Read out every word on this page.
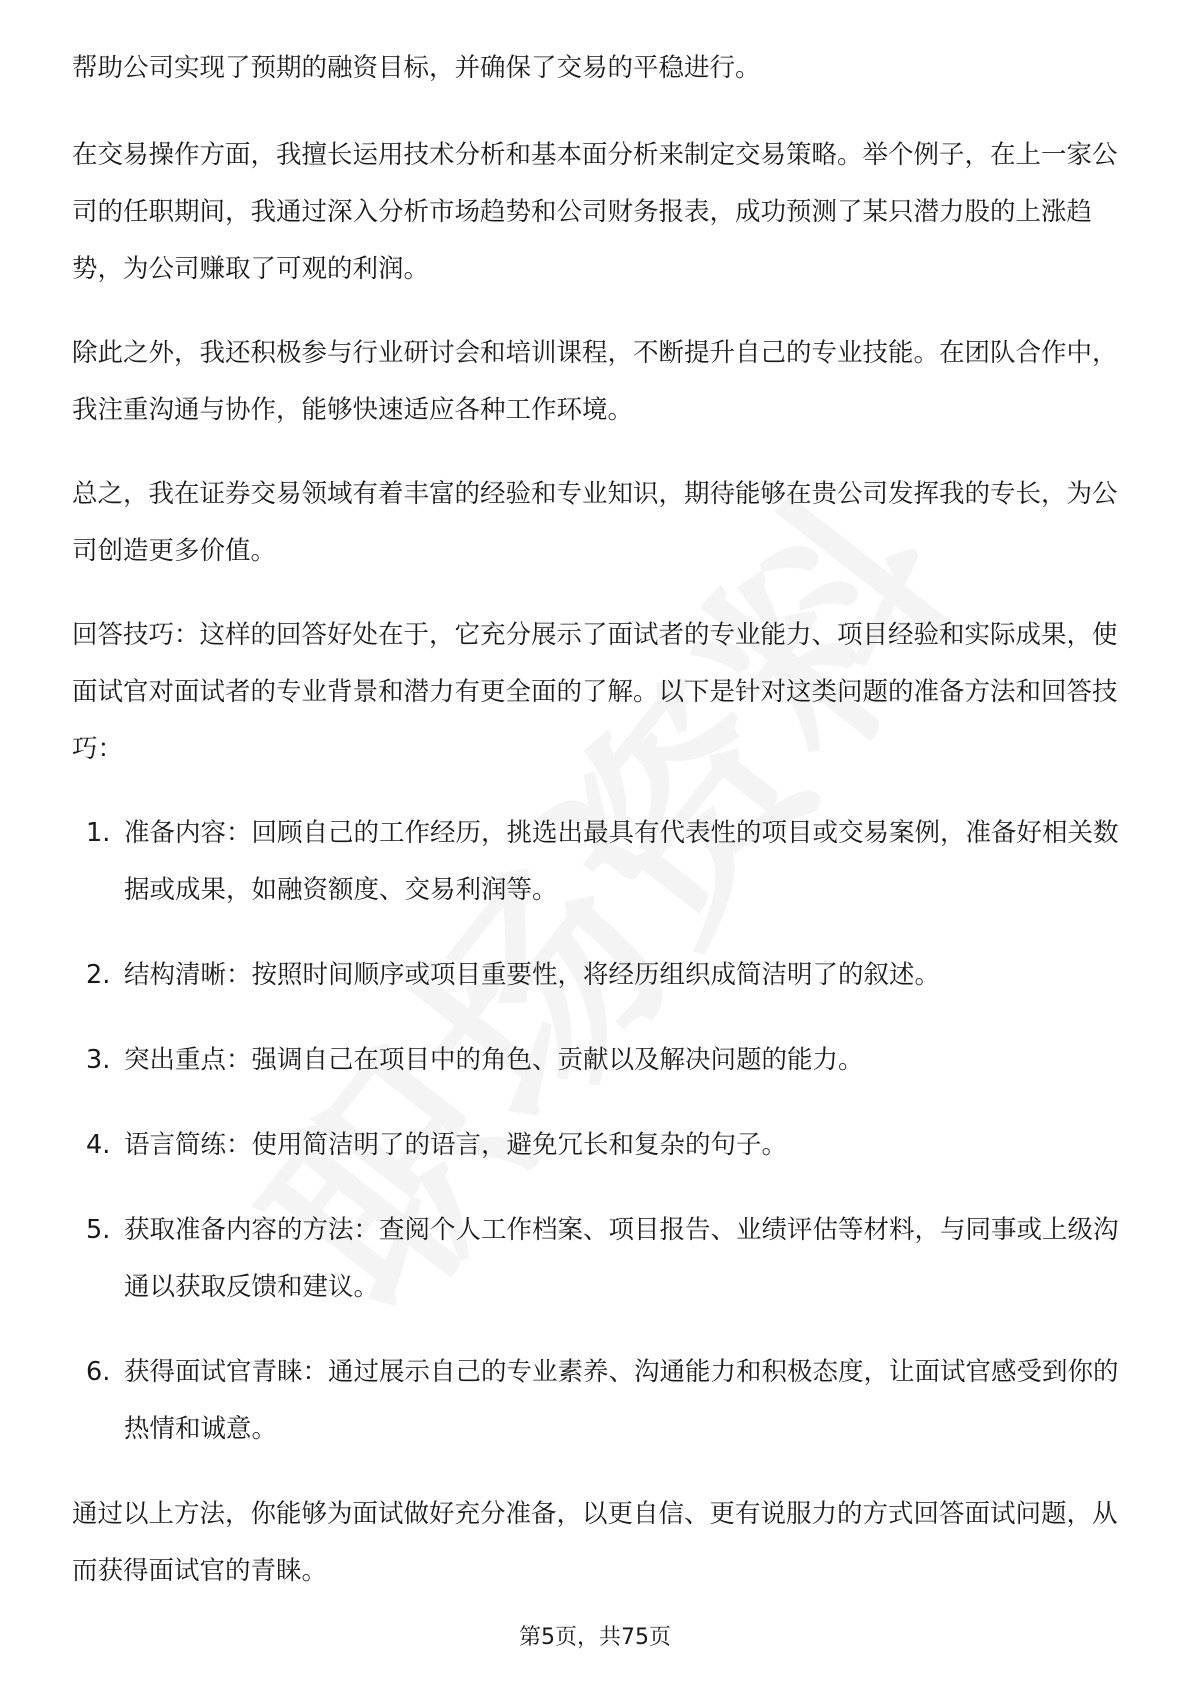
帮助公司实现了预期的融资目标，并确保了交易的平稳进行。

在交易操作方面，我擅长运用技术分析和基本面分析来制定交易策略。举个例子，在上一家公司的任职期间，我通过深入分析市场趋势和公司财务报表，成功预测了某只潜力股的上涨趋势，为公司赚取了可观的利润。

除此之外，我还积极参与行业研讨会和培训课程，不断提升自己的专业技能。在团队合作中，我注重沟通与协作，能够快速适应各种工作环境。

总之，我在证券交易领域有着丰富的经验和专业知识，期待能够在贵公司发挥我的专长，为公司创造更多价值。

回答技巧：这样的回答好处在于，它充分展示了面试者的专业能力、项目经验和实际成果，使面试官对面试者的专业背景和潜力有更全面的了解。以下是针对这类问题的准备方法和回答技巧：

1. 准备内容：回顾自己的工作经历，挑选出最具有代表性的项目或交易案例，准备好相关数据或成果，如融资额度、交易利润等。
2. 结构清晰：按照时间顺序或项目重要性，将经历组织成简洁明了的叙述。
3. 突出重点：强调自己在项目中的角色、贡献以及解决问题的能力。
4. 语言简练：使用简洁明了的语言，避免冗长和复杂的句子。
5. 获取准备内容的方法：查阅个人工作档案、项目报告、业绩评估等材料，与同事或上级沟通以获取反馈和建议。
6. 获得面试官青睐：通过展示自己的专业素养、沟通能力和积极态度，让面试官感受到你的热情和诚意。

通过以上方法，你能够为面试做好充分准备，以更自信、更有说服力的方式回答面试问题，从而获得面试官的青睐。

第5页，共75页
